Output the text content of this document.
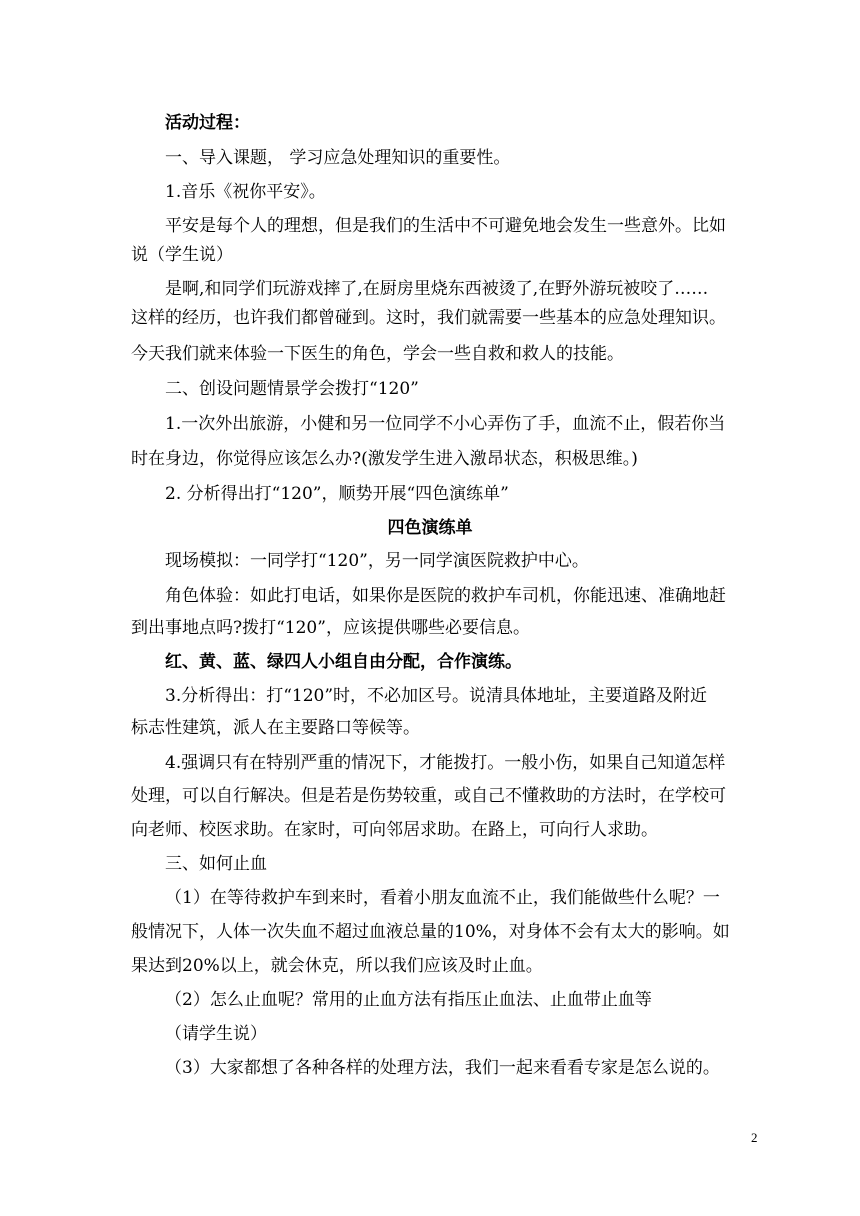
活动过程：
一、导入课题， 学习应急处理知识的重要性。
1.音乐《祝你平安》。
平安是每个人的理想，但是我们的生活中不可避免地会发生一些意外。比如
说（学生说）
是啊,和同学们玩游戏摔了,在厨房里烧东西被烫了,在野外游玩被咬了……
这样的经历，也许我们都曾碰到。这时，我们就需要一些基本的应急处理知识。
今天我们就来体验一下医生的角色，学会一些自救和救人的技能。
二、创设问题情景学会拨打“120”
1.一次外出旅游，小健和另一位同学不小心弄伤了手，血流不止，假若你当
时在身边，你觉得应该怎么办?(激发学生进入激昂状态，积极思维。)
2. 分析得出打“120”，顺势开展“四色演练单”
四色演练单
现场模拟：一同学打“120”，另一同学演医院救护中心。
角色体验：如此打电话，如果你是医院的救护车司机，你能迅速、准确地赶
到出事地点吗?拨打“120”，应该提供哪些必要信息。
红、黄、蓝、绿四人小组自由分配，合作演练。
3.分析得出：打“120”时，不必加区号。说清具体地址，主要道路及附近
标志性建筑，派人在主要路口等候等。
4.强调只有在特别严重的情况下，才能拨打。一般小伤，如果自己知道怎样
处理，可以自行解决。但是若是伤势较重，或自己不懂救助的方法时，在学校可
向老师、校医求助。在家时，可向邻居求助。在路上，可向行人求助。
三、如何止血
（1）在等待救护车到来时，看着小朋友血流不止，我们能做些什么呢？一
般情况下，人体一次失血不超过血液总量的10%，对身体不会有太大的影响。如
果达到20%以上，就会休克，所以我们应该及时止血。
（2）怎么止血呢？常用的止血方法有指压止血法、止血带止血等
（请学生说）
（3）大家都想了各种各样的处理方法，我们一起来看看专家是怎么说的。
2
